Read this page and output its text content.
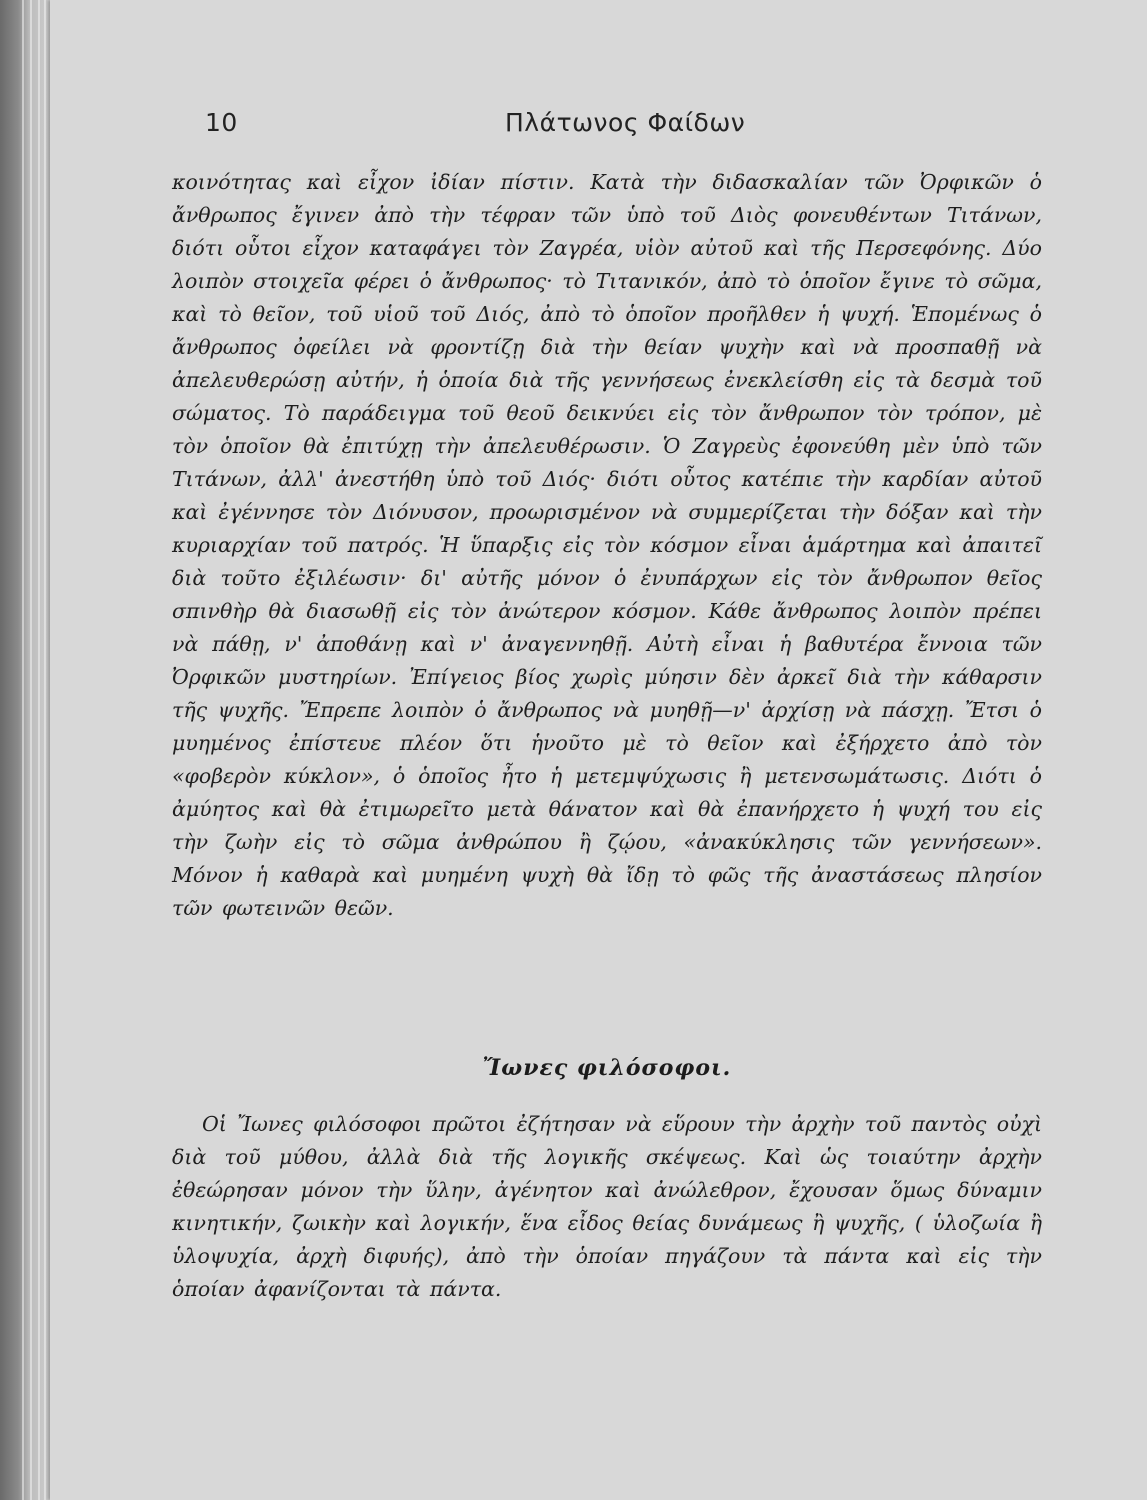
10	Πλάτωνος Φαίδων

κοινότητας καὶ εἶχον ἰδίαν πίστιν. Κατὰ τὴν διδασκαλίαν τῶν Ὀρφικῶν ὁ ἄνθρωπος ἔγινεν ἀπὸ τὴν τέφραν τῶν ὑπὸ τοῦ Διὸς φονευθέντων Τιτάνων, διότι οὗτοι εἶχον καταφάγει τὸν Ζαγρέα, υἱὸν αὐτοῦ καὶ τῆς Περσεφόνης. Δύο λοιπὸν στοιχεῖα φέρει ὁ ἄνθρωπος· τὸ Τιτανικόν, ἀπὸ τὸ ὁποῖον ἔγινε τὸ σῶμα, καὶ τὸ θεῖον, τοῦ υἱοῦ τοῦ Διός, ἀπὸ τὸ ὁποῖον προῆλθεν ἡ ψυχή. Ἑπομένως ὁ ἄνθρωπος ὀφείλει νὰ φροντίζῃ διὰ τὴν θείαν ψυχὴν καὶ νὰ προσπαθῇ νὰ ἀπελευθερώσῃ αὐτήν, ἡ ὁποία διὰ τῆς γεννήσεως ἐνεκλείσθη εἰς τὰ δεσμὰ τοῦ σώματος. Τὸ παράδειγμα τοῦ θεοῦ δεικνύει εἰς τὸν ἄνθρωπον τὸν τρόπον, μὲ τὸν ὁποῖον θὰ ἐπιτύχῃ τὴν ἀπελευθέρωσιν. Ὁ Ζαγρεὺς ἐφονεύθη μὲν ὑπὸ τῶν Τιτάνων, ἀλλ' ἀνεστήθη ὑπὸ τοῦ Διός· διότι οὗτος κατέπιε τὴν καρδίαν αὐτοῦ καὶ ἐγέννησε τὸν Διόνυσον, προωρισμένον νὰ συμμερίζεται τὴν δόξαν καὶ τὴν κυριαρχίαν τοῦ πατρός. Ἡ ὕπαρξις εἰς τὸν κόσμον εἶναι ἁμάρτημα καὶ ἀπαιτεῖ διὰ τοῦτο ἐξιλέωσιν· δι' αὐτῆς μόνον ὁ ἐνυπάρχων εἰς τὸν ἄνθρωπον θεῖος σπινθὴρ θὰ διασωθῇ εἰς τὸν ἀνώτερον κόσμον. Κάθε ἄνθρωπος λοιπὸν πρέπει νὰ πάθῃ, ν' ἀποθάνῃ καὶ ν' ἀναγεννηθῇ. Αὐτὴ εἶναι ἡ βαθυτέρα ἔννοια τῶν Ὀρφικῶν μυστηρίων. Ἐπίγειος βίος χωρὶς μύησιν δὲν ἀρκεῖ διὰ τὴν κάθαρσιν τῆς ψυχῆς. Ἔπρεπε λοιπὸν ὁ ἄνθρωπος νὰ μυηθῇ—ν' ἀρχίσῃ νὰ πάσχῃ. Ἔτσι ὁ μυημένος ἐπίστευε πλέον ὅτι ἡνοῦτο μὲ τὸ θεῖον καὶ ἐξήρχετο ἀπὸ τὸν «φοβερὸν κύκλον», ὁ ὁποῖος ἦτο ἡ μετεμψύχωσις ἢ μετενσωμάτωσις. Διότι ὁ ἀμύητος καὶ θὰ ἐτιμωρεῖτο μετὰ θάνατον καὶ θὰ ἐπανήρχετο ἡ ψυχή του εἰς τὴν ζωὴν εἰς τὸ σῶμα ἀνθρώπου ἢ ζῴου, «ἀνακύκλησις τῶν γεννήσεων». Μόνον ἡ καθαρὰ καὶ μυημένη ψυχὴ θὰ ἴδῃ τὸ φῶς τῆς ἀναστάσεως πλησίον τῶν φωτεινῶν θεῶν.

Ἴωνες φιλόσοφοι.

Οἱ Ἴωνες φιλόσοφοι πρῶτοι ἐζήτησαν νὰ εὕρουν τὴν ἀρχὴν τοῦ παντὸς οὐχὶ διὰ τοῦ μύθου, ἀλλὰ διὰ τῆς λογικῆς σκέψεως. Καὶ ὡς τοιαύτην ἀρχὴν ἐθεώρησαν μόνον τὴν ὕλην, ἀγένητον καὶ ἀνώλεθρον, ἔχουσαν ὅμως δύναμιν κινητικήν, ζωικὴν καὶ λογικήν, ἕνα εἶδος θείας δυνάμεως ἢ ψυχῆς, ( ὑλοζωία ἢ ὑλοψυχία, ἀρχὴ διφυής), ἀπὸ τὴν ὁποίαν πηγάζουν τὰ πάντα καὶ εἰς τὴν ὁποίαν ἀφανίζονται τὰ πάντα.
